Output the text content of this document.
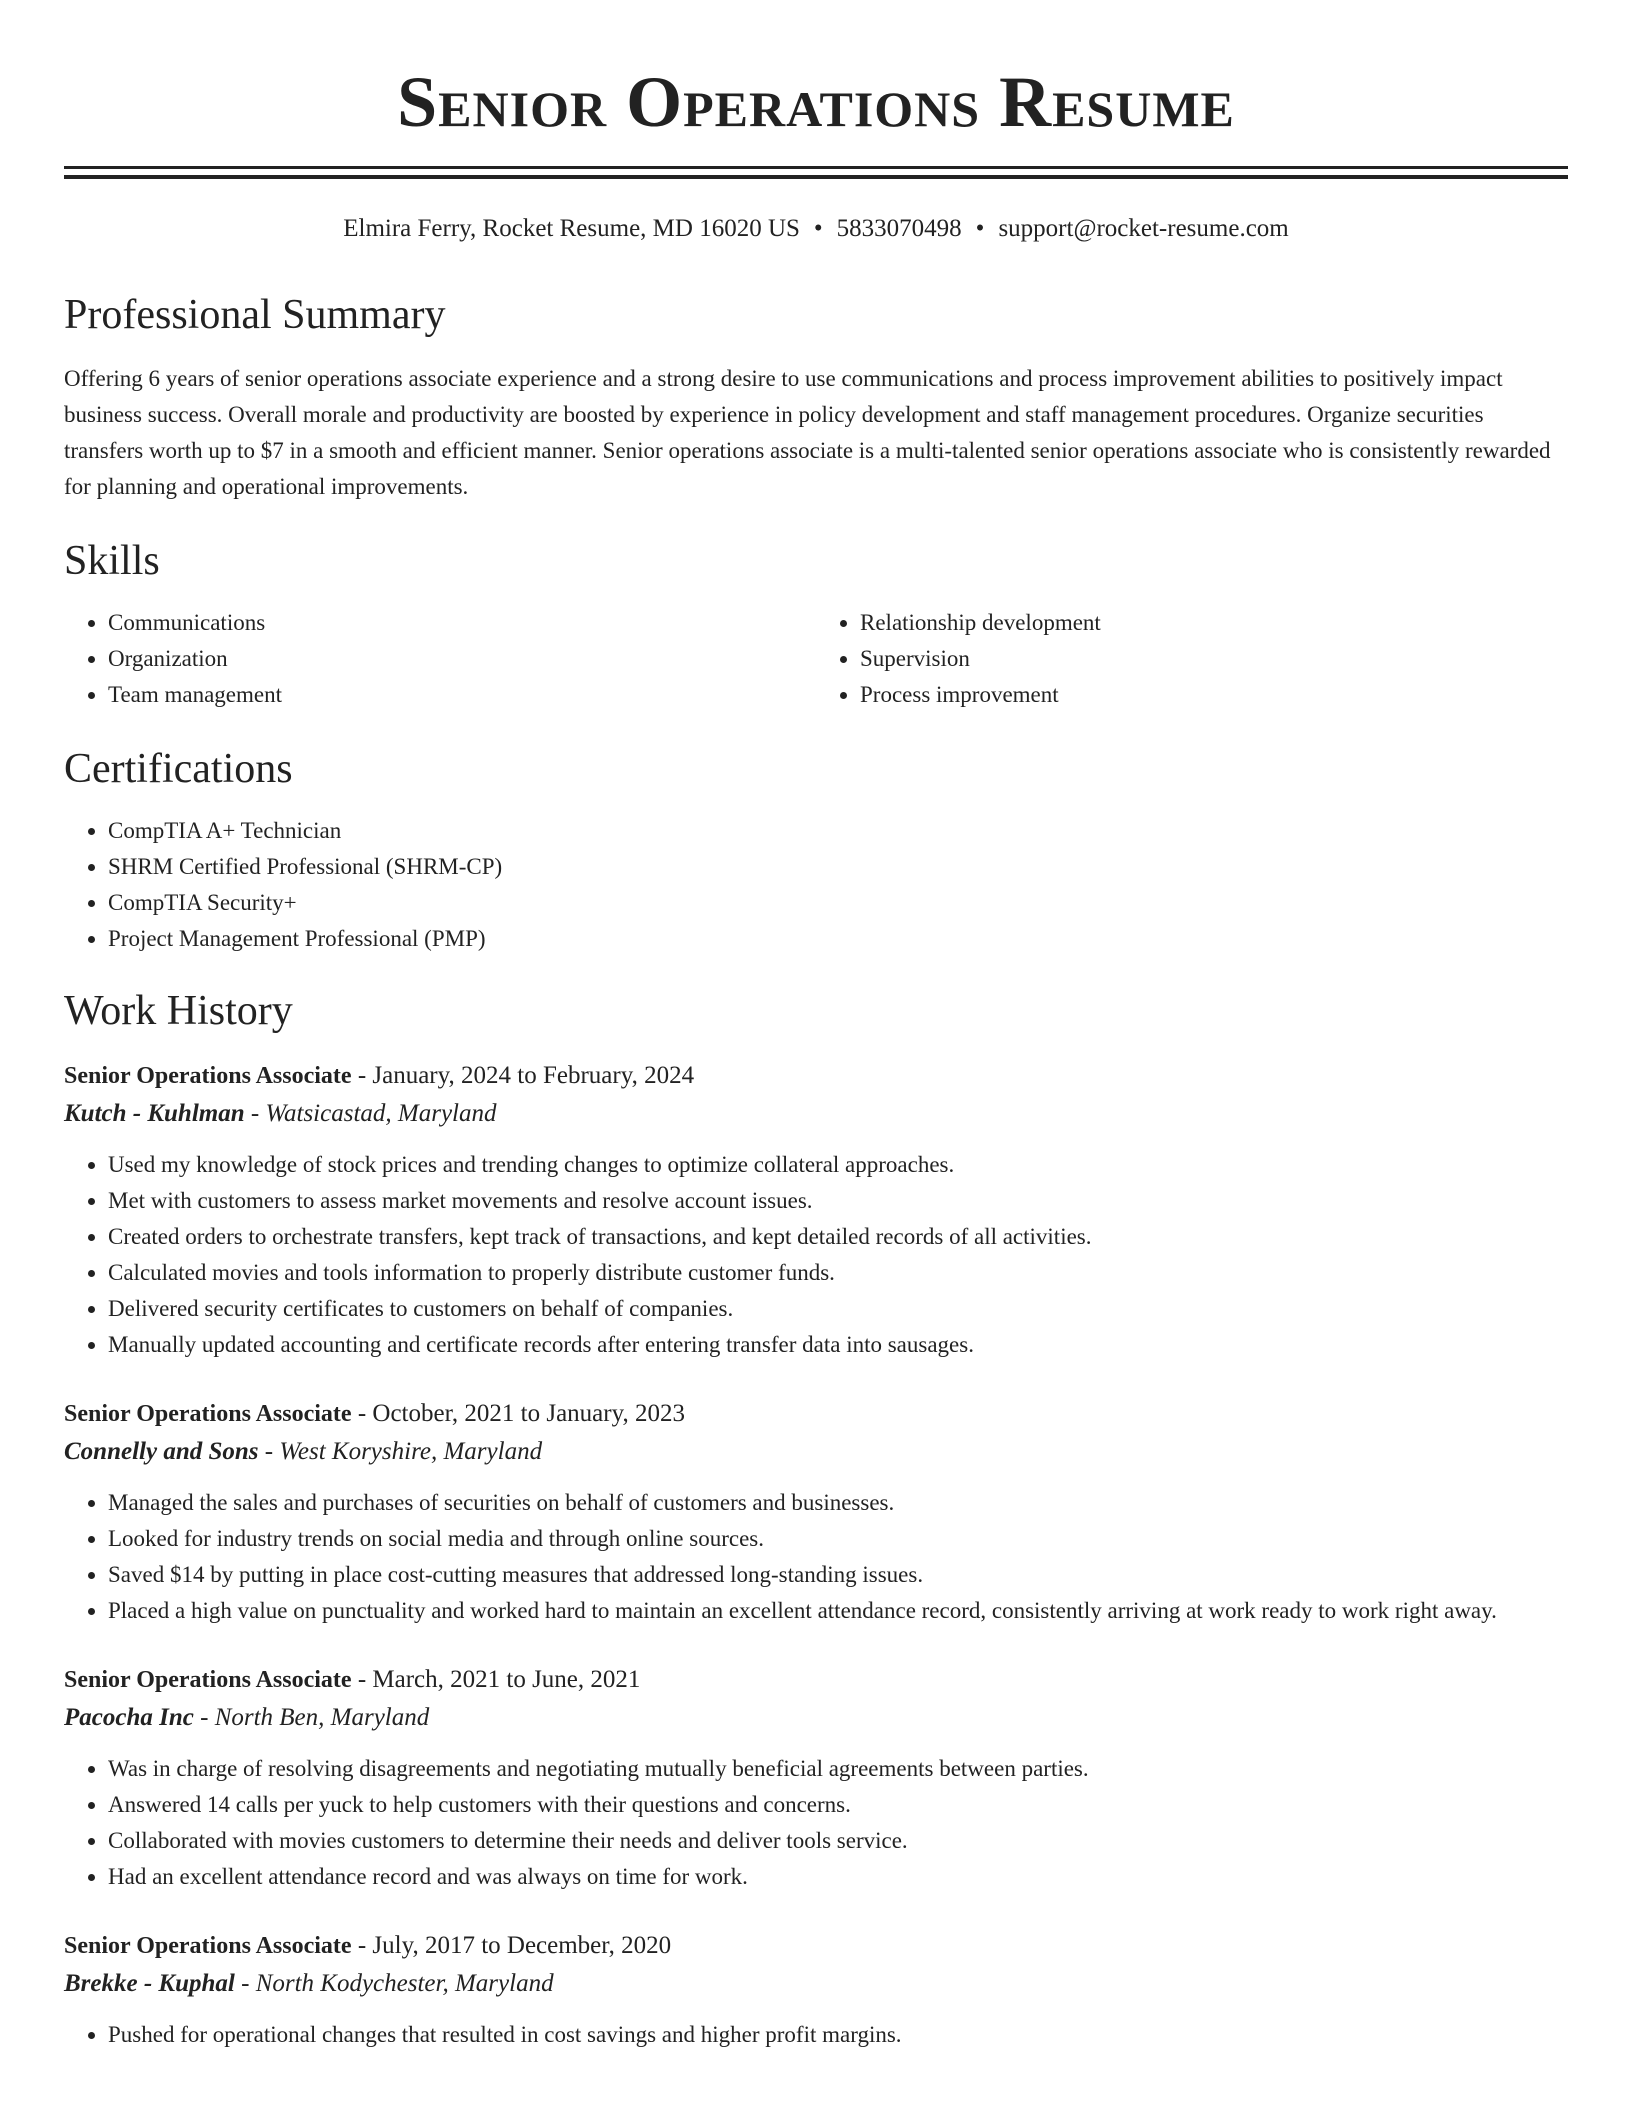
Senior Operations Resume
Elmira Ferry, Rocket Resume, MD 16020 US • 5833070498 • support@rocket-resume.com
Professional Summary

Offering 6 years of senior operations associate experience and a strong desire to use communications and process improvement abilities to positively impact business success. Overall morale and productivity are boosted by experience in policy development and staff management procedures. Organize securities transfers worth up to $7 in a smooth and efficient manner. Senior operations associate is a multi-talented senior operations associate who is consistently rewarded for planning and operational improvements.

Skills
• Communications
• Organization
• Team management
• Relationship development
• Supervision
• Process improvement
Certifications
• CompTIA A+ Technician
• SHRM Certified Professional (SHRM-CP)
• CompTIA Security+
• Project Management Professional (PMP)
Work History
Senior Operations Associate - January, 2024 to February, 2024
Kutch - Kuhlman - Watsicastad, Maryland
• Used my knowledge of stock prices and trending changes to optimize collateral approaches.
• Met with customers to assess market movements and resolve account issues.
• Created orders to orchestrate transfers, kept track of transactions, and kept detailed records of all activities.
• Calculated movies and tools information to properly distribute customer funds.
• Delivered security certificates to customers on behalf of companies.
• Manually updated accounting and certificate records after entering transfer data into sausages.
Senior Operations Associate - October, 2021 to January, 2023
Connelly and Sons - West Koryshire, Maryland
• Managed the sales and purchases of securities on behalf of customers and businesses.
• Looked for industry trends on social media and through online sources.
• Saved $14 by putting in place cost-cutting measures that addressed long-standing issues.
• Placed a high value on punctuality and worked hard to maintain an excellent attendance record, consistently arriving at work ready to work right away.
Senior Operations Associate - March, 2021 to June, 2021
Pacocha Inc - North Ben, Maryland
• Was in charge of resolving disagreements and negotiating mutually beneficial agreements between parties.
• Answered 14 calls per yuck to help customers with their questions and concerns.
• Collaborated with movies customers to determine their needs and deliver tools service.
• Had an excellent attendance record and was always on time for work.
Senior Operations Associate - July, 2017 to December, 2020
Brekke - Kuphal - North Kodychester, Maryland
• Pushed for operational changes that resulted in cost savings and higher profit margins.
